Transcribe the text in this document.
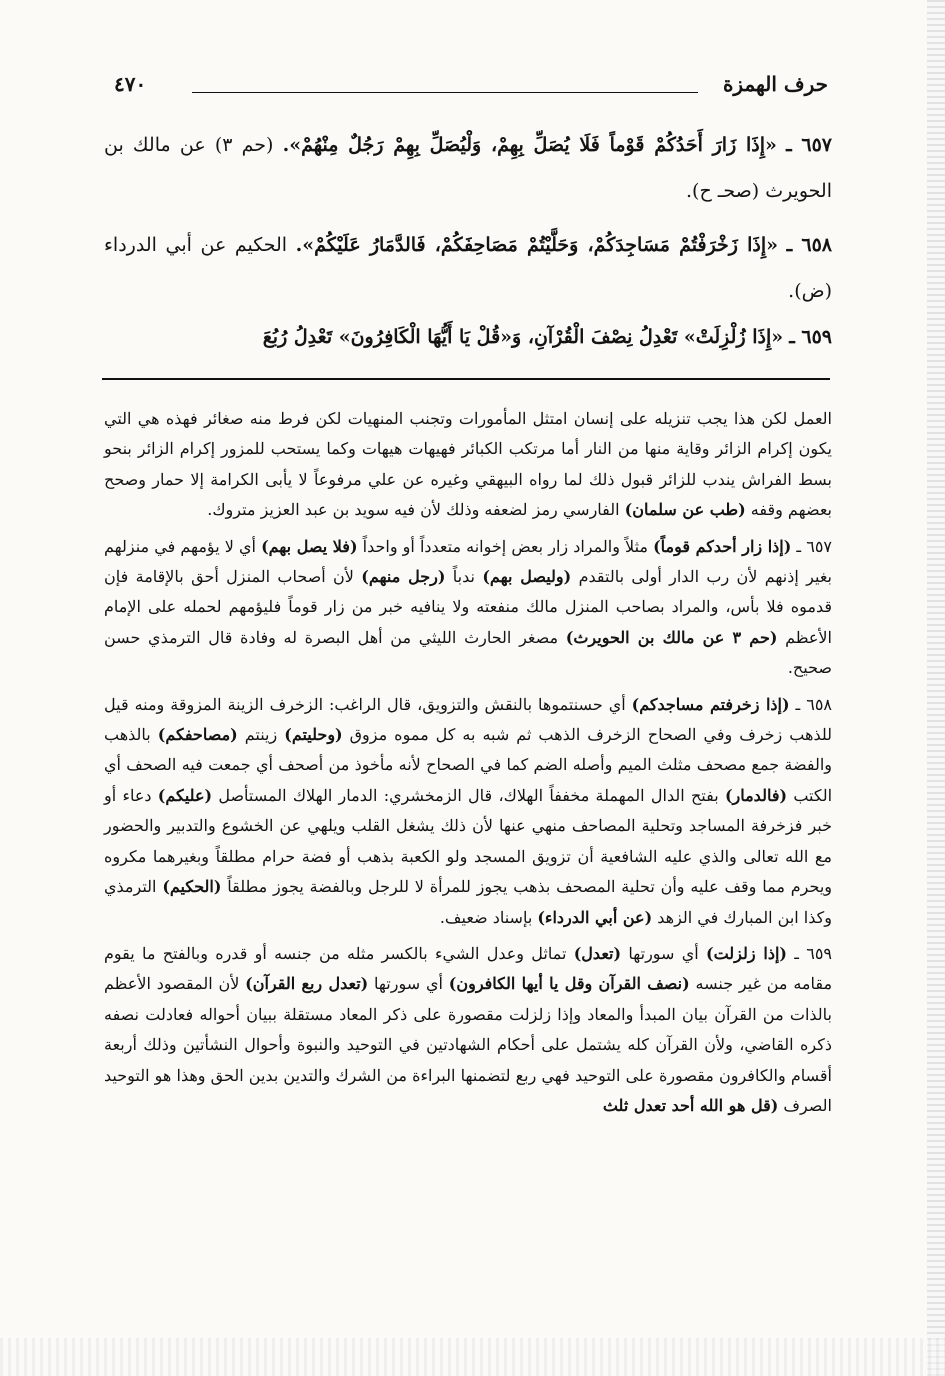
حرف الهمزة
٤٧٠
٦٥٧ ـ «إِذَا زَارَ أَحَدُكُمْ قَوْماً فَلَا يُصَلِّ بِهِمْ، وَلْيُصَلِّ بِهِمْ رَجُلٌ مِنْهُمْ». (حم ٣) عن مالك بن الحويرث (صحـ ح).
٦٥٨ ـ «إِذَا زَخْرَفْتُمْ مَسَاجِدَكُمْ، وَحَلَّيْتُمْ مَصَاحِفَكُمْ، فَالدَّمَارُ عَلَيْكُمْ». الحكيم عن أبي الدرداء (ض).
٦٥٩ ـ «إِذَا زُلْزِلَتْ» تَعْدِلُ نِصْفَ الْقُرْآنِ، وَ«قُلْ يَا أَيُّهَا الْكَافِرُونَ» تَعْدِلُ رُبُعَ

العمل لكن هذا يجب تنزيله على إنسان امتثل المأمورات وتجنب المنهيات لكن فرط منه صغائر فهذه هي التي يكون إكرام الزائر وقاية منها من النار أما مرتكب الكبائر فهيهات هيهات وكما يستحب للمزور إكرام الزائر بنحو بسط الفراش يندب للزائر قبول ذلك لما رواه البيهقي وغيره عن علي مرفوعاً لا يأبى الكرامة إلا حمار وصحح بعضهم وقفه (طب عن سلمان) الفارسي رمز لضعفه وذلك لأن فيه سويد بن عبد العزيز متروك.

٦٥٧ ـ (إذا زار أحدكم قوماً) مثلاً والمراد زار بعض إخوانه متعدداً أو واحداً (فلا يصل بهم) أي لا يؤمهم في منزلهم بغير إذنهم لأن رب الدار أولى بالتقدم (وليصل بهم) ندباً (رجل منهم) لأن أصحاب المنزل أحق بالإقامة فإن قدموه فلا بأس، والمراد بصاحب المنزل مالك منفعته ولا ينافيه خبر من زار قوماً فليؤمهم لحمله على الإمام الأعظم (حم ٣ عن مالك بن الحويرث) مصغر الحارث الليثي من أهل البصرة له وفادة قال الترمذي حسن صحيح.

٦٥٨ ـ (إذا زخرفتم مساجدكم) أي حسنتموها بالنقش والتزويق، قال الراغب: الزخرف الزينة المزوقة ومنه قيل للذهب زخرف وفي الصحاح الزخرف الذهب ثم شبه به كل مموه مزوق (وحليتم) زينتم (مصاحفكم) بالذهب والفضة جمع مصحف مثلث الميم وأصله الضم كما في الصحاح لأنه مأخوذ من أصحف أي جمعت فيه الصحف أي الكتب (فالدمار) بفتح الدال المهملة مخففاً الهلاك، قال الزمخشري: الدمار الهلاك المستأصل (عليكم) دعاء أو خبر فزخرفة المساجد وتحلية المصاحف منهي عنها لأن ذلك يشغل القلب ويلهي عن الخشوع والتدبير والحضور مع الله تعالى والذي عليه الشافعية أن تزويق المسجد ولو الكعبة بذهب أو فضة حرام مطلقاً وبغيرهما مكروه ويحرم مما وقف عليه وأن تحلية المصحف بذهب يجوز للمرأة لا للرجل وبالفضة يجوز مطلقاً (الحكيم) الترمذي وكذا ابن المبارك في الزهد (عن أبي الدرداء) بإسناد ضعيف.

٦٥٩ ـ (إذا زلزلت) أي سورتها (تعدل) تماثل وعدل الشيء بالكسر مثله من جنسه أو قدره وبالفتح ما يقوم مقامه من غير جنسه (نصف القرآن وقل يا أيها الكافرون) أي سورتها (تعدل ربع القرآن) لأن المقصود الأعظم بالذات من القرآن بيان المبدأ والمعاد وإذا زلزلت مقصورة على ذكر المعاد مستقلة ببيان أحواله فعادلت نصفه ذكره القاضي، ولأن القرآن كله يشتمل على أحكام الشهادتين في التوحيد والنبوة وأحوال النشأتين وذلك أربعة أقسام والكافرون مقصورة على التوحيد فهي ربع لتضمنها البراءة من الشرك والتدين بدين الحق وهذا هو التوحيد الصرف (قل هو الله أحد تعدل ثلث
